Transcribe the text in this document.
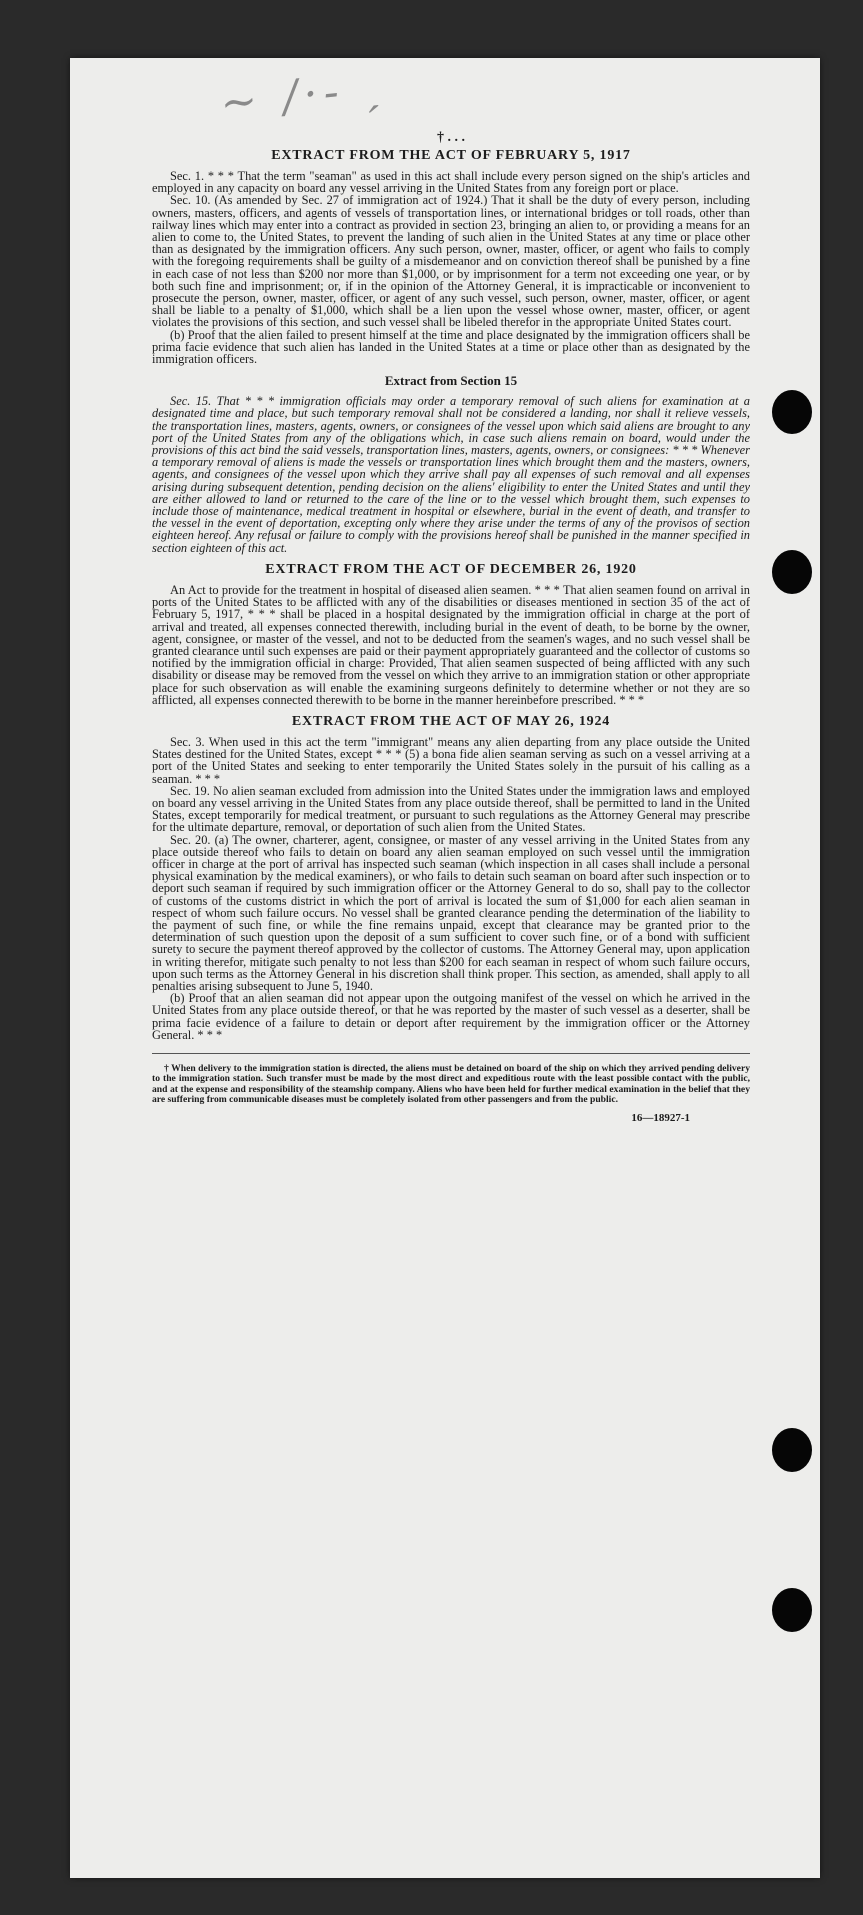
~ /·- ˏ
† . . .
EXTRACT FROM THE ACT OF FEBRUARY 5, 1917

Sec. 1. * * * That the term "seaman" as used in this act shall include every person signed on the ship's articles and employed in any capacity on board any vessel arriving in the United States from any foreign port or place.

Sec. 10. (As amended by Sec. 27 of immigration act of 1924.) That it shall be the duty of every person, including owners, masters, officers, and agents of vessels of transportation lines, or international bridges or toll roads, other than railway lines which may enter into a contract as provided in section 23, bringing an alien to, or providing a means for an alien to come to, the United States, to prevent the landing of such alien in the United States at any time or place other than as designated by the immigration officers. Any such person, owner, master, officer, or agent who fails to comply with the foregoing requirements shall be guilty of a misdemeanor and on conviction thereof shall be punished by a fine in each case of not less than $200 nor more than $1,000, or by imprisonment for a term not exceeding one year, or by both such fine and imprisonment; or, if in the opinion of the Attorney General, it is impracticable or inconvenient to prosecute the person, owner, master, officer, or agent of any such vessel, such person, owner, master, officer, or agent shall be liable to a penalty of $1,000, which shall be a lien upon the vessel whose owner, master, officer, or agent violates the provisions of this section, and such vessel shall be libeled therefor in the appropriate United States court.

(b) Proof that the alien failed to present himself at the time and place designated by the immigration officers shall be prima facie evidence that such alien has landed in the United States at a time or place other than as designated by the immigration officers.

Extract from Section 15

Sec. 15. That * * * immigration officials may order a temporary removal of such aliens for examination at a designated time and place, but such temporary removal shall not be considered a landing, nor shall it relieve vessels, the transportation lines, masters, agents, owners, or consignees of the vessel upon which said aliens are brought to any port of the United States from any of the obligations which, in case such aliens remain on board, would under the provisions of this act bind the said vessels, transportation lines, masters, agents, owners, or consignees: * * * Whenever a temporary removal of aliens is made the vessels or transportation lines which brought them and the masters, owners, agents, and consignees of the vessel upon which they arrive shall pay all expenses of such removal and all expenses arising during subsequent detention, pending decision on the aliens' eligibility to enter the United States and until they are either allowed to land or returned to the care of the line or to the vessel which brought them, such expenses to include those of maintenance, medical treatment in hospital or elsewhere, burial in the event of death, and transfer to the vessel in the event of deportation, excepting only where they arise under the terms of any of the provisos of section eighteen hereof. Any refusal or failure to comply with the provisions hereof shall be punished in the manner specified in section eighteen of this act.

EXTRACT FROM THE ACT OF DECEMBER 26, 1920

An Act to provide for the treatment in hospital of diseased alien seamen. * * * That alien seamen found on arrival in ports of the United States to be afflicted with any of the disabilities or diseases mentioned in section 35 of the act of February 5, 1917, * * * shall be placed in a hospital designated by the immigration official in charge at the port of arrival and treated, all expenses connected therewith, including burial in the event of death, to be borne by the owner, agent, consignee, or master of the vessel, and not to be deducted from the seamen's wages, and no such vessel shall be granted clearance until such expenses are paid or their payment appropriately guaranteed and the collector of customs so notified by the immigration official in charge: Provided, That alien seamen suspected of being afflicted with any such disability or disease may be removed from the vessel on which they arrive to an immigration station or other appropriate place for such observation as will enable the examining surgeons definitely to determine whether or not they are so afflicted, all expenses connected therewith to be borne in the manner hereinbefore prescribed. * * *

EXTRACT FROM THE ACT OF MAY 26, 1924

Sec. 3. When used in this act the term "immigrant" means any alien departing from any place outside the United States destined for the United States, except * * * (5) a bona fide alien seaman serving as such on a vessel arriving at a port of the United States and seeking to enter temporarily the United States solely in the pursuit of his calling as a seaman. * * *

Sec. 19. No alien seaman excluded from admission into the United States under the immigration laws and employed on board any vessel arriving in the United States from any place outside thereof, shall be permitted to land in the United States, except temporarily for medical treatment, or pursuant to such regulations as the Attorney General may prescribe for the ultimate departure, removal, or deportation of such alien from the United States.

Sec. 20. (a) The owner, charterer, agent, consignee, or master of any vessel arriving in the United States from any place outside thereof who fails to detain on board any alien seaman employed on such vessel until the immigration officer in charge at the port of arrival has inspected such seaman (which inspection in all cases shall include a personal physical examination by the medical examiners), or who fails to detain such seaman on board after such inspection or to deport such seaman if required by such immigration officer or the Attorney General to do so, shall pay to the collector of customs of the customs district in which the port of arrival is located the sum of $1,000 for each alien seaman in respect of whom such failure occurs. No vessel shall be granted clearance pending the determination of the liability to the payment of such fine, or while the fine remains unpaid, except that clearance may be granted prior to the determination of such question upon the deposit of a sum sufficient to cover such fine, or of a bond with sufficient surety to secure the payment thereof approved by the collector of customs. The Attorney General may, upon application in writing therefor, mitigate such penalty to not less than $200 for each seaman in respect of whom such failure occurs, upon such terms as the Attorney General in his discretion shall think proper. This section, as amended, shall apply to all penalties arising subsequent to June 5, 1940.

(b) Proof that an alien seaman did not appear upon the outgoing manifest of the vessel on which he arrived in the United States from any place outside thereof, or that he was reported by the master of such vessel as a deserter, shall be prima facie evidence of a failure to detain or deport after requirement by the immigration officer or the Attorney General. * * *

† When delivery to the immigration station is directed, the aliens must be detained on board of the ship on which they arrived pending delivery to the immigration station. Such transfer must be made by the most direct and expeditious route with the least possible contact with the public, and at the expense and responsibility of the steamship company. Aliens who have been held for further medical examination in the belief that they are suffering from communicable diseases must be completely isolated from other passengers and from the public.

16—18927-1
